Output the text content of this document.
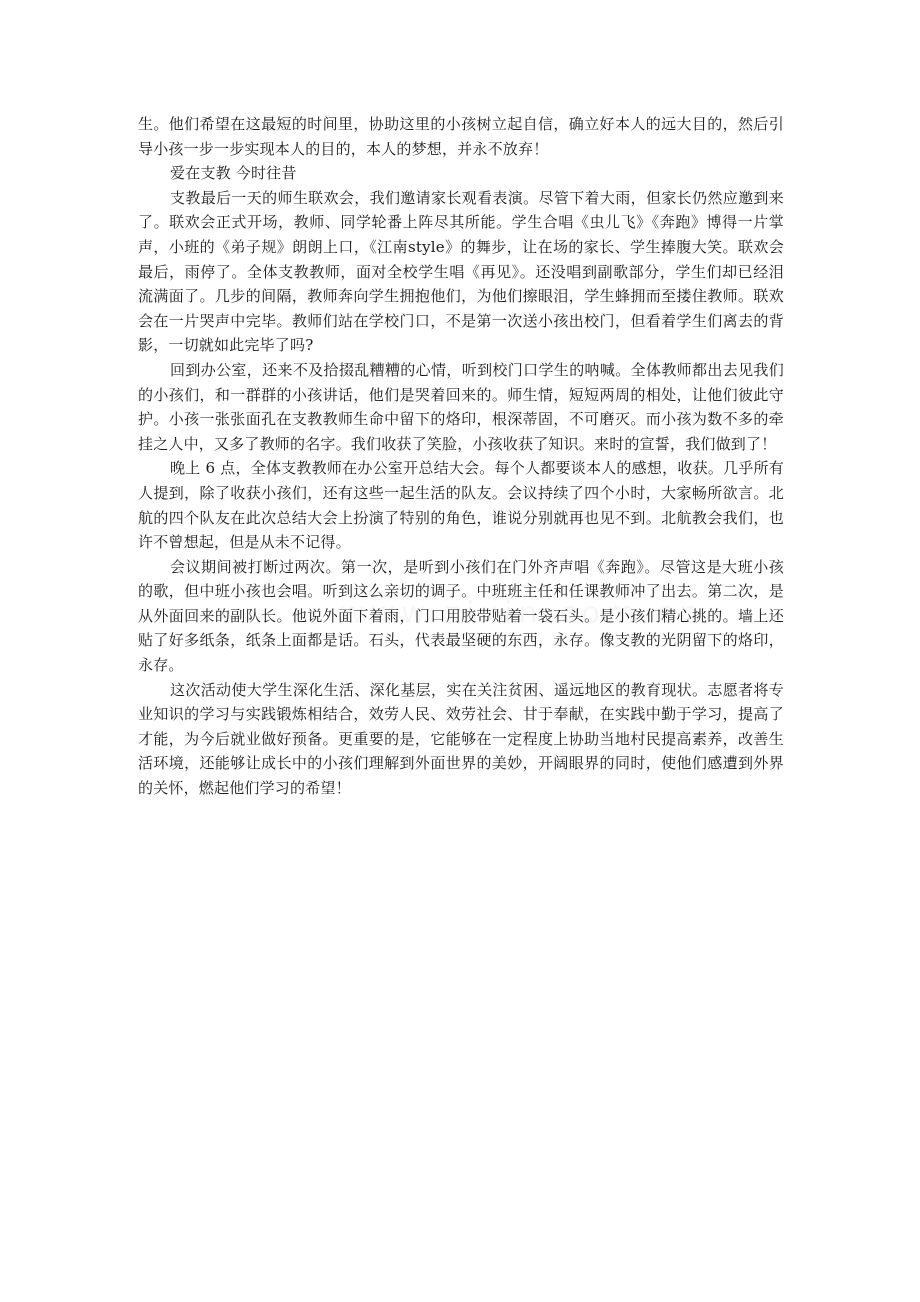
生。他们希望在这最短的时间里，协助这里的小孩树立起自信，确立好本人的远大目的，然后引导小孩一步一步实现本人的目的，本人的梦想，并永不放弃！

爱在支教 今时往昔

支教最后一天的师生联欢会，我们邀请家长观看表演。尽管下着大雨，但家长仍然应邀到来了。联欢会正式开场，教师、同学轮番上阵尽其所能。学生合唱《虫儿飞》《奔跑》博得一片掌声，小班的《弟子规》朗朗上口，《江南style》的舞步，让在场的家长、学生捧腹大笑。联欢会最后，雨停了。全体支教教师，面对全校学生唱《再见》。还没唱到副歌部分，学生们却已经泪流满面了。几步的间隔，教师奔向学生拥抱他们，为他们擦眼泪，学生蜂拥而至搂住教师。联欢会在一片哭声中完毕。教师们站在学校门口，不是第一次送小孩出校门，但看着学生们离去的背影，一切就如此完毕了吗?

回到办公室，还来不及拾掇乱糟糟的心情，听到校门口学生的呐喊。全体教师都出去见我们的小孩们，和一群群的小孩讲话，他们是哭着回来的。师生情，短短两周的相处，让他们彼此守护。小孩一张张面孔在支教教师生命中留下的烙印，根深蒂固，不可磨灭。而小孩为数不多的牵挂之人中，又多了教师的名字。我们收获了笑脸，小孩收获了知识。来时的宣誓，我们做到了！

晚上 6 点，全体支教教师在办公室开总结大会。每个人都要谈本人的感想，收获。几乎所有人提到，除了收获小孩们，还有这些一起生活的队友。会议持续了四个小时，大家畅所欲言。北航的四个队友在此次总结大会上扮演了特别的角色，谁说分别就再也见不到。北航教会我们，也许不曾想起，但是从未不记得。

会议期间被打断过两次。第一次，是听到小孩们在门外齐声唱《奔跑》。尽管这是大班小孩的歌，但中班小孩也会唱。听到这么亲切的调子。中班班主任和任课教师冲了出去。第二次，是从外面回来的副队长。他说外面下着雨，门口用胶带贴着一袋石头。是小孩们精心挑的。墙上还贴了好多纸条，纸条上面都是话。石头，代表最坚硬的东西，永存。像支教的光阴留下的烙印，永存。

这次活动使大学生深化生活、深化基层，实在关注贫困、遥远地区的教育现状。志愿者将专业知识的学习与实践锻炼相结合，效劳人民、效劳社会、甘于奉献，在实践中勤于学习，提高了才能，为今后就业做好预备。更重要的是，它能够在一定程度上协助当地村民提高素养，改善生活环境，还能够让成长中的小孩们理解到外面世界的美妙，开阔眼界的同时，使他们感遭到外界的关怀，燃起他们学习的希望！
